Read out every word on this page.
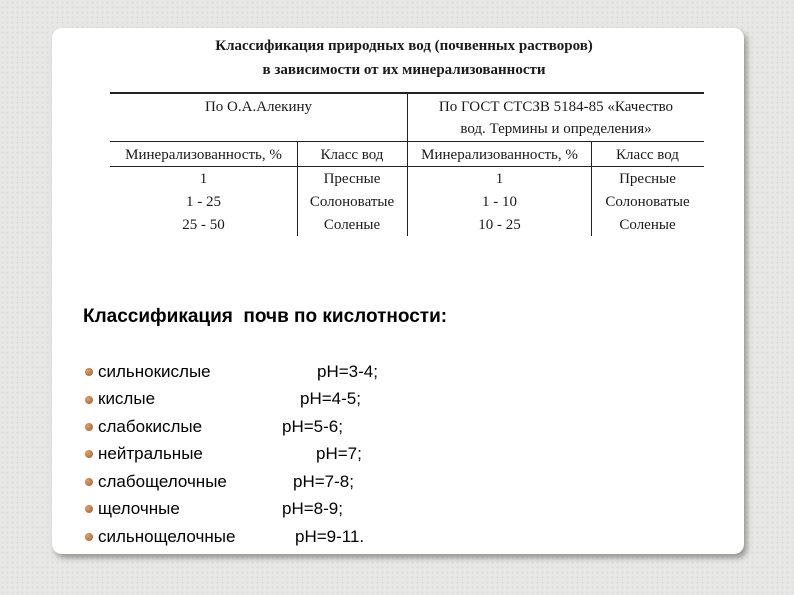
Классификация природных вод (почвенных растворов)
в зависимости от их минерализованности
По О.А.Алекину	По ГОСТ СТСЗВ 5184-85 «Качество
вод. Термины и определения»
Минерализованность, %	Класс вод	Минерализованность, %	Класс вод
1	Пресные	1	Пресные
1 - 25	Солоноватые	1 - 10	Солоноватые
25 - 50	Соленые	10 - 25	Соленые
Классификация  почв по кислотности:
сильнокислые	pH=3-4;
кислые	pH=4-5;
слабокислые	pH=5-6;
нейтральные	pH=7;
слабощелочные	pH=7-8;
щелочные	pH=8-9;
сильнощелочные	pH=9-11.
